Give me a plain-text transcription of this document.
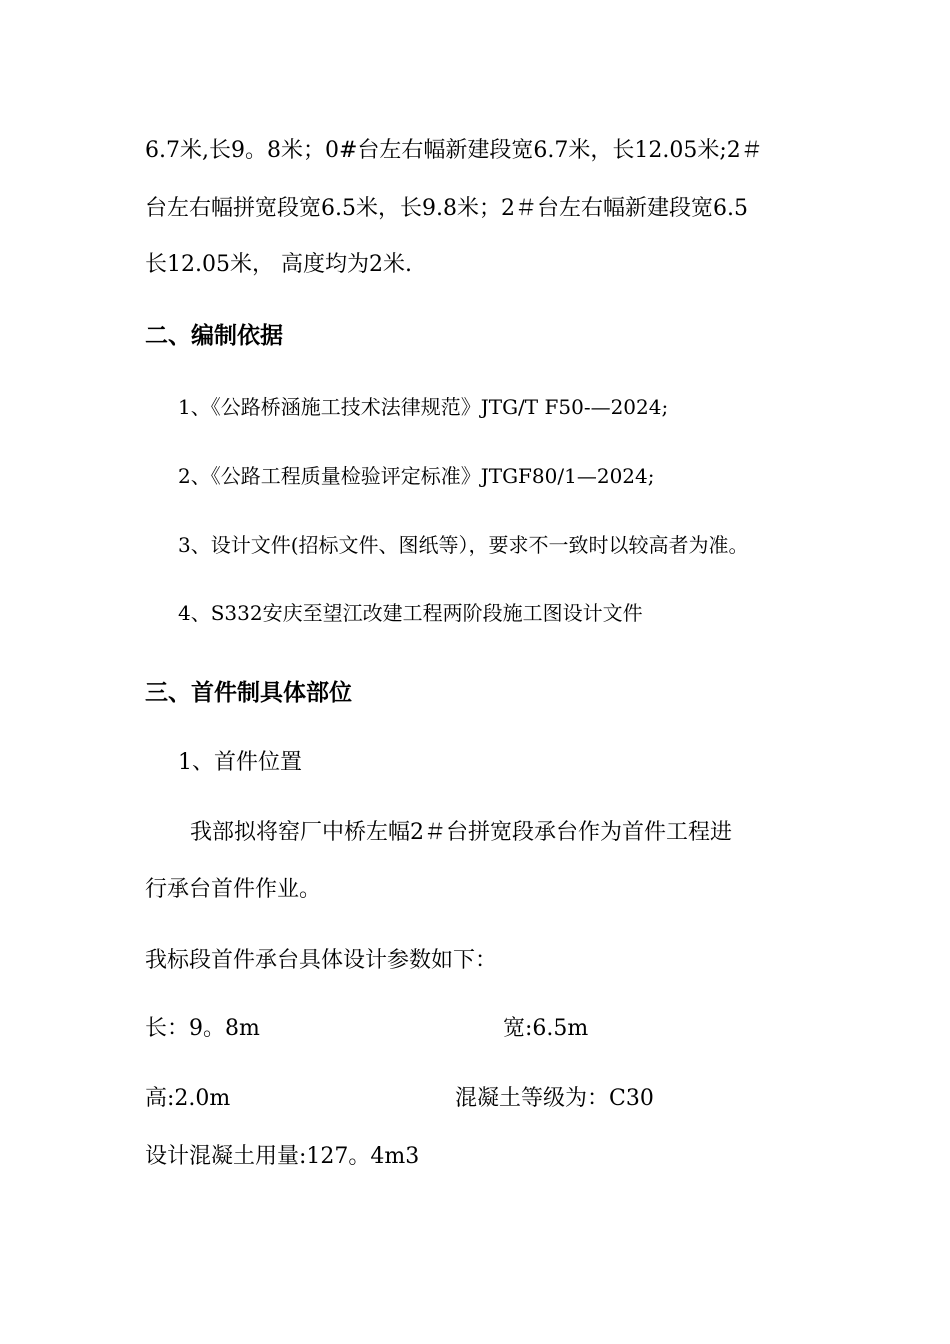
6.7米,长9。8米；0#台左右幅新建段宽6.7米，长12.05米;2＃
台左右幅拼宽段宽6.5米，长9.8米；2＃台左右幅新建段宽6.5
长12.05米， 高度均为2米.
二、编制依据
1、《公路桥涵施工技术法律规范》JTG/T F50-—2024;
2、《公路工程质量检验评定标准》JTGF80/1—2024;
3、设计文件(招标文件、图纸等），要求不一致时以较高者为准。
4、S332安庆至望江改建工程两阶段施工图设计文件
三、首件制具体部位
1、首件位置
我部拟将窑厂中桥左幅2＃台拼宽段承台作为首件工程进
行承台首件作业。
我标段首件承台具体设计参数如下：
长：9。8m	宽:6.5m
高:2.0m	混凝土等级为：C30
设计混凝土用量:127。4m3
